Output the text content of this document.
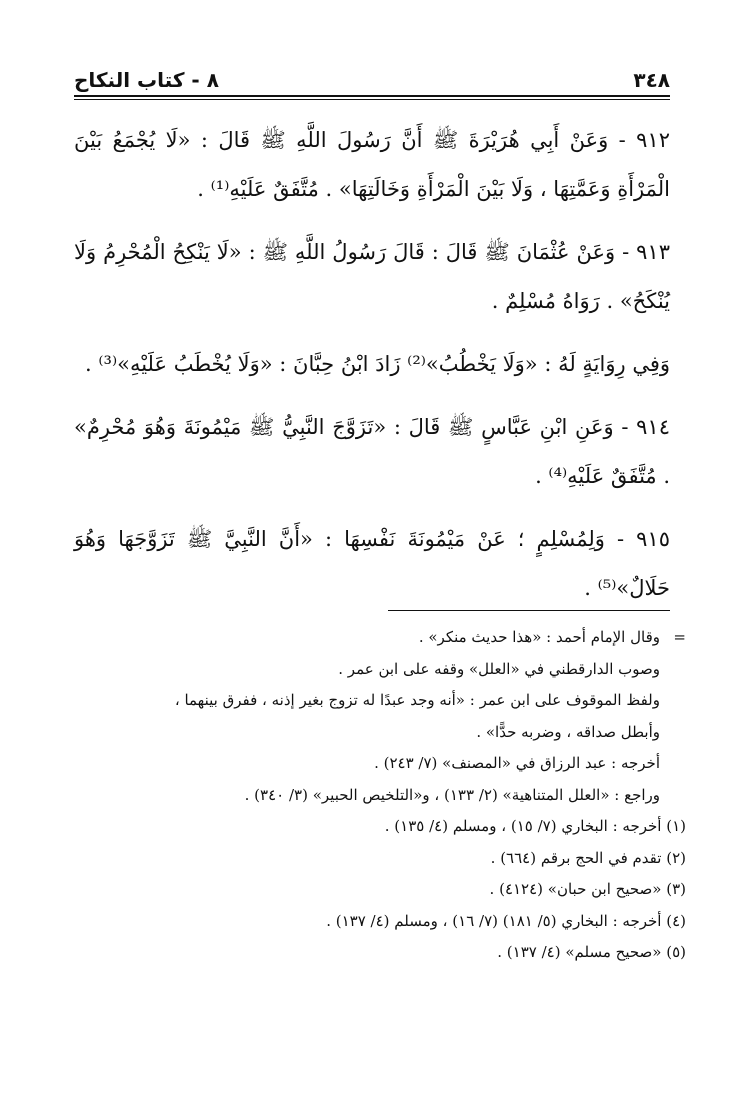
٣٤٨
٨ - كتاب النكاح

٩١٢ - وَعَنْ أَبِي هُرَيْرَةَ ﷺ أَنَّ رَسُولَ اللَّهِ ﷺ قَالَ : «لَا يُجْمَعُ بَيْنَ الْمَرْأَةِ وَعَمَّتِهَا ، وَلَا بَيْنَ الْمَرْأَةِ وَخَالَتِهَا» . مُتَّفَقٌ عَلَيْهِ⁽¹⁾ .

٩١٣ - وَعَنْ عُثْمَانَ ﷺ قَالَ : قَالَ رَسُولُ اللَّهِ ﷺ : «لَا يَنْكِحُ الْمُحْرِمُ وَلَا يُنْكَحُ» . رَوَاهُ مُسْلِمٌ .

وَفِي رِوَايَةٍ لَهُ : «وَلَا يَخْطُبُ»⁽²⁾ زَادَ ابْنُ حِبَّانَ : «وَلَا يُخْطَبُ عَلَيْهِ»⁽³⁾ .

٩١٤ - وَعَنِ ابْنِ عَبَّاسٍ ﷺ قَالَ : «تَزَوَّجَ النَّبِيُّ ﷺ مَيْمُونَةَ وَهُوَ مُحْرِمٌ» . مُتَّفَقٌ عَلَيْهِ⁽⁴⁾ .

٩١٥ - وَلِمُسْلِمٍ ؛ عَنْ مَيْمُونَةَ نَفْسِهَا : «أَنَّ النَّبِيَّ ﷺ تَزَوَّجَهَا وَهُوَ حَلَالٌ»⁽⁵⁾ .

=

وقال الإمام أحمد : «هذا حديث منكر» .

وصوب الدارقطني في «العلل» وقفه على ابن عمر .

ولفظ الموقوف على ابن عمر : «أنه وجد عبدًا له تزوج بغير إذنه ، ففرق بينهما ،

وأبطل صداقه ، وضربه حدًّا» .

أخرجه : عبد الرزاق في «المصنف» (٧/ ٢٤٣) .

وراجع : «العلل المتناهية» (٢/ ١٣٣) ، و«التلخيص الحبير» (٣/ ٣٤٠) .

(١) أخرجه : البخاري (٧/ ١٥) ، ومسلم (٤/ ١٣٥) .

(٢) تقدم في الحج برقم (٦٦٤) .

(٣) «صحيح ابن حبان» (٤١٢٤) .

(٤) أخرجه : البخاري (٥/ ١٨١) (٧/ ١٦) ، ومسلم (٤/ ١٣٧) .

(٥) «صحيح مسلم» (٤/ ١٣٧) .
